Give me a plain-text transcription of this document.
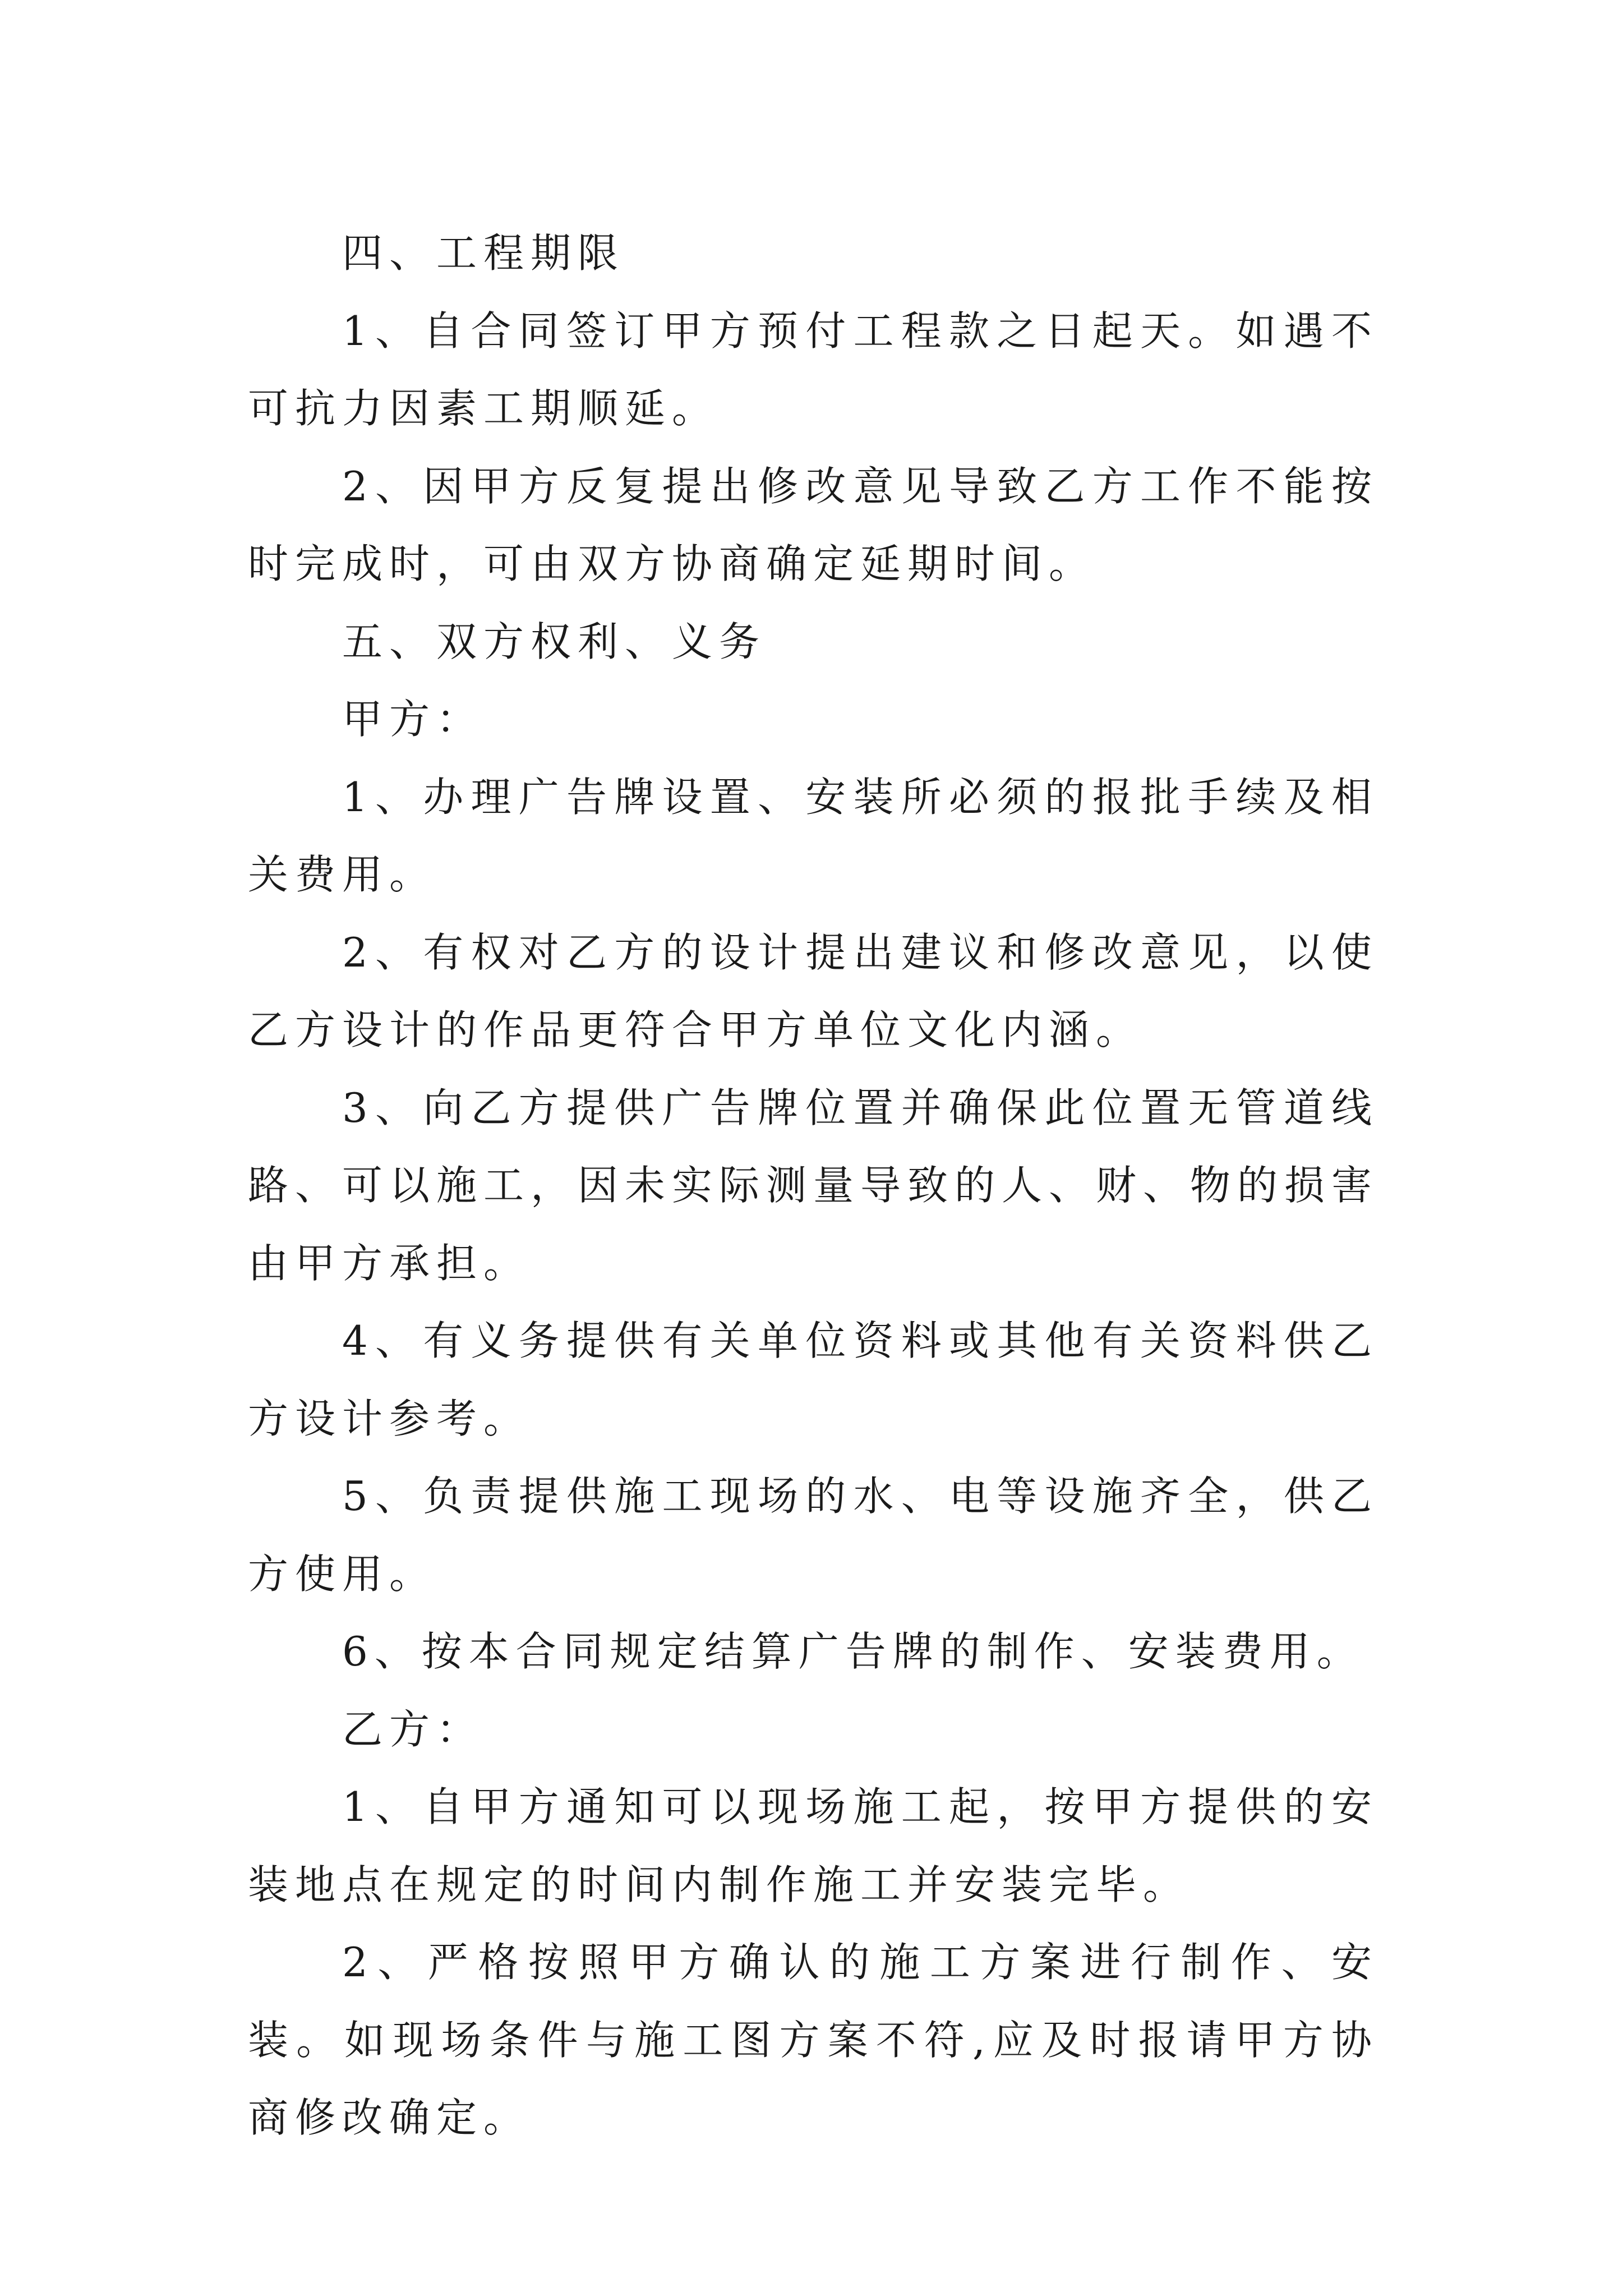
四、工程期限

1、自合同签订甲方预付工程款之日起天。如遇不可抗力因素工期顺延。

2、因甲方反复提出修改意见导致乙方工作不能按时完成时，可由双方协商确定延期时间。

五、双方权利、义务

甲方：

1、办理广告牌设置、安装所必须的报批手续及相关费用。

2、有权对乙方的设计提出建议和修改意见，以使乙方设计的作品更符合甲方单位文化内涵。

3、向乙方提供广告牌位置并确保此位置无管道线路、可以施工，因未实际测量导致的人、财、物的损害由甲方承担。

4、有义务提供有关单位资料或其他有关资料供乙方设计参考。

5、负责提供施工现场的水、电等设施齐全，供乙方使用。

6、按本合同规定结算广告牌的制作、安装费用。

乙方：

1、自甲方通知可以现场施工起，按甲方提供的安装地点在规定的时间内制作施工并安装完毕。

2、严格按照甲方确认的施工方案进行制作、安装。如现场条件与施工图方案不符,应及时报请甲方协商修改确定。
